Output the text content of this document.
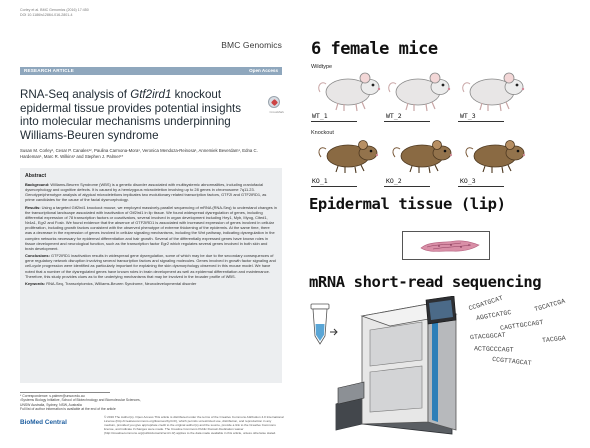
Corley et al. BMC Genomics (2016) 17:450
DOI 10.1186/s12864-016-2801-4
BMC Genomics
RESEARCH ARTICLE	Open Access
RNA-Seq analysis of Gtf2ird1 knockout epidermal tissue provides potential insights into molecular mechanisms underpinning Williams-Beuren syndrome
CrossMark
Susan M. Corley¹, Cesar P. Canales¹², Paulina Carmona-Mora¹, Veronica Mendoza-Reinosa¹, Annemiek Beverdam¹, Edna C. Hardeman¹, Marc R. Wilkins¹ and Stephen J. Palmer¹*
Abstract

Background: Williams-Beuren Syndrome (WBS) is a genetic disorder associated with multisystemic abnormalities, including craniofacial dysmorphology and cognitive defects. It is caused by a hemizygous microdeletion involving up to 28 genes in chromosome 7q11.23. Genotype/phenotype analysis of atypical microdeletions implicates two evolutionary related transcription factors, GTF2I and GTF2IRD1, as prime candidates for the cause of the facial dysmorphology.

Results: Using a targeted Gtf2ird1 knockout mouse, we employed massively-parallel sequencing of mRNA (RNA-Seq) to understand changes in the transcriptional landscape associated with inactivation of Gtf2ird1 in lip tissue. We found widespread dysregulation of genes, including differential expression of 78 transcription factors or coactivators, several involved in organ development including Hey1, Myb, Myog, Cited1, Nr4a1, Egr2 and Fosb. We found evidence that the absence of GTF2IRD1 is associated with increased expression of genes involved in cellular proliferation, including growth factors consistent with the observed phenotype of extreme thickening of the epidermis. At the same time, there was a decrease in the expression of genes involved in cellular signaling mechanisms, including the Wnt pathway, indicating dysregulation in the complex networks necessary for epidermal differentiation and hair growth. Several of the differentially expressed genes have known roles in tissue development and neurological function, such as the transcription factor Egr2 which regulates several genes involved in both skin and brain development.

Conclusions: GTF2IRD1 inactivation results in widespread gene dysregulation, some of which may be due to the secondary consequences of gene regulatory network disruption involving several transcription factors and signaling molecules. Genes involved in growth factor signaling and cell-cycle progression were identified as particularly important for explaining the skin dysmorphology observed in this mouse model. We have noted that a number of the dysregulated genes have known roles in brain development as well as epidermal differentiation and maintenance. Therefore, this study provides clues as to the underlying mechanisms that may be involved in the broader profile of WBS.

Keywords: RNA-Seq, Transcriptomics, Williams-Beuren Syndrome, Neurodevelopmental disorder

* Correspondence: s.palmer@unsw.edu.au
¹Systems Biology Initiative, School of Biotechnology and Biomolecular Sciences, UNSW Australia, Sydney, NSW, Australia
Full list of author information is available at the end of the article
BioMed Central
© 2016 The Author(s). Open Access This article is distributed under the terms of the Creative Commons Attribution 4.0 International License (http://creativecommons.org/licenses/by/4.0/), which permits unrestricted use, distribution, and reproduction in any medium, provided you give appropriate credit to the original author(s) and the source, provide a link to the Creative Commons license, and indicate if changes were made. The Creative Commons Public Domain Dedication waiver (http://creativecommons.org/publicdomain/zero/1.0/) applies to the data made available in this article, unless otherwise stated.
6 female mice
Wildtype
Knockout
WT_1	WT_2	WT_3
KO_1	KO_2	KO_3
Epidermal tissue (lip)
mRNA short-read sequencing
CCGATGCAT
AGGTCATGC
TGCATCGA
CAGTTGCCAGT
GTACGGCAT	TACGGA
ACTGCCCAGT
CCGTTAGCAT
